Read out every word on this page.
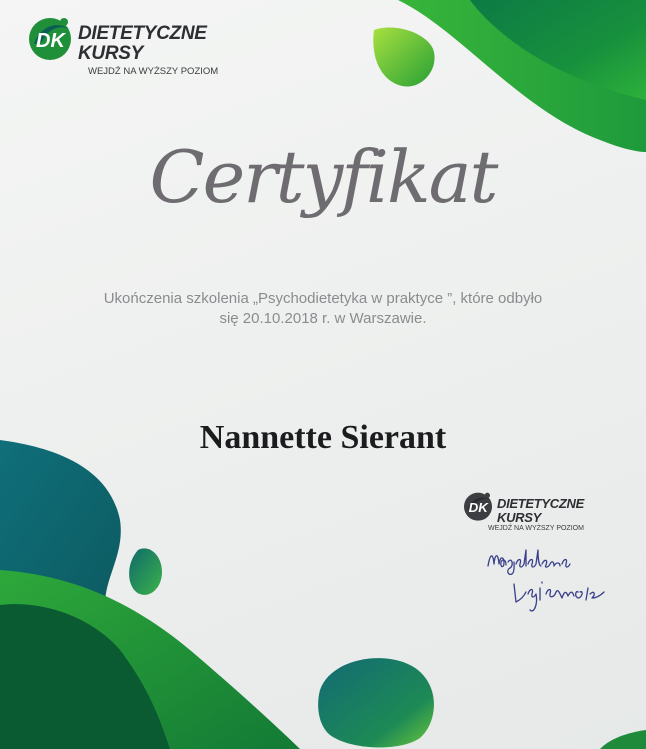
DK DIETETYCZNE
KURSY
WEJDŹ NA WYŻSZY POZIOM
Certyfikat
Ukończenia szkolenia „Psychodietetyka w praktyce ”, które odbyło
się 20.10.2018 r. w Warszawie.
Nannette Sierant
DK DIETETYCZNE
KURSY
WEJDŹ NA WYŻSZY POZIOM
